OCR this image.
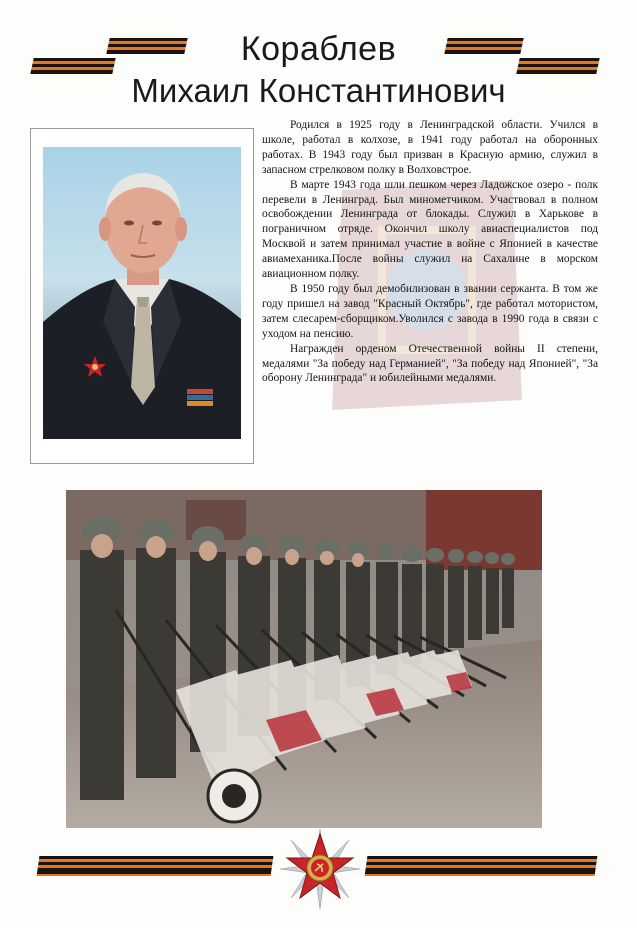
Кораблев
Михаил Константинович

Родился в 1925 году в Ленинградской области. Учился в школе, работал в колхозе, в 1941 году работал на оборонных работах. В 1943 году был призван в Красную армию, служил в запасном стрелковом полку в Волховстрое.

В марте 1943 года шли пешком через Ладожское озеро - полк перевели в Ленинград. Был минометчиком. Участвовал в полном освобождении Ленинграда от блокады. Служил в Харькове в пограничном отряде. Окончил школу авиаспециалистов под Москвой и затем принимал участие в войне с Японией в качестве авиамеханика.После войны служил на Сахалине в морском авиационном полку.

В 1950 году был демобилизован в звании сержанта. В том же году пришел на завод "Красный Октябрь", где работал мотористом, затем слесарем-сборщиком.Уволился с завода в 1990 года в связи с уходом на пенсию.

Награжден орденом Отечественной войны II степени, медалями "За победу над Германией", "За победу над Японией", "За оборону Ленинграда" и юбилейными медалями.
